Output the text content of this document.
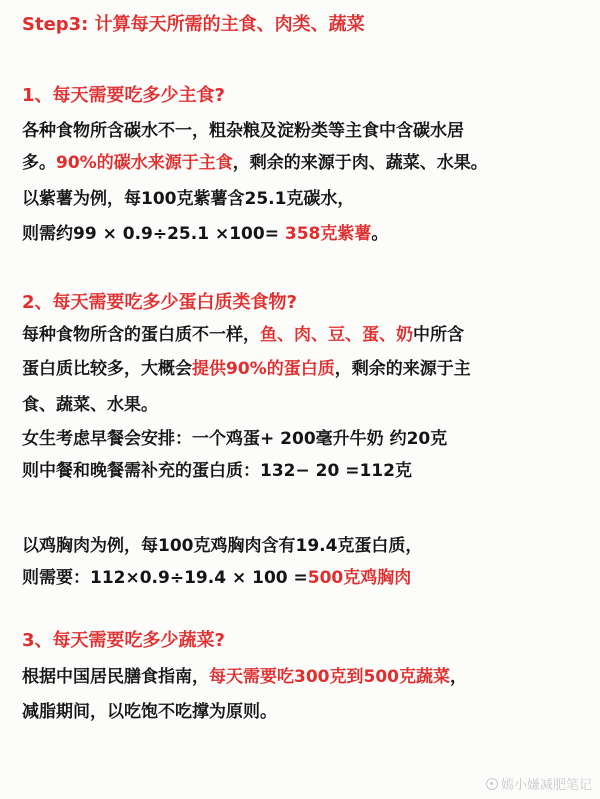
Step3: 计算每天所需的主食、肉类、蔬菜
1、每天需要吃多少主食?
各种食物所含碳水不一，粗杂粮及淀粉类等主食中含碳水居
多。90%的碳水来源于主食，剩余的来源于肉、蔬菜、水果。
以紫薯为例，每100克紫薯含25.1克碳水，
则需约99 × 0.9÷25.1 ×100= 358克紫薯。
2、每天需要吃多少蛋白质类食物?
每种食物所含的蛋白质不一样，鱼、肉、豆、蛋、奶中所含
蛋白质比较多，大概会提供90%的蛋白质，剩余的来源于主
食、蔬菜、水果。
女生考虑早餐会安排：一个鸡蛋+ 200毫升牛奶 约20克
则中餐和晚餐需补充的蛋白质：132− 20 =112克
以鸡胸肉为例，每100克鸡胸肉含有19.4克蛋白质，
则需要：112×0.9÷19.4 × 100 =500克鸡胸肉
3、每天需要吃多少蔬菜?
根据中国居民膳食指南，每天需要吃300克到500克蔬菜，
减脂期间，以吃饱不吃撑为原则。
嫣小嫌减肥笔记
